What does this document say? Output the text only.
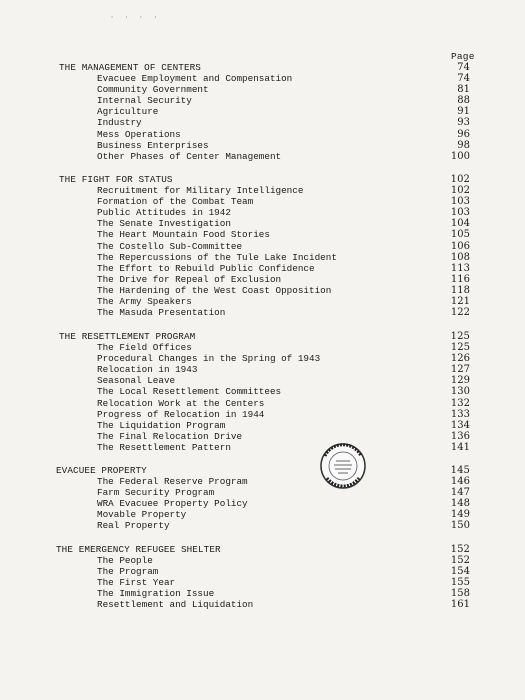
· · · ·
Page
THE MANAGEMENT OF CENTERS	74
Evacuee Employment and Compensation	74
Community Government	81
Internal Security	88
Agriculture	91
Industry	93
Mess Operations	96
Business Enterprises	98
Other Phases of Center Management	100
THE FIGHT FOR STATUS	102
Recruitment for Military Intelligence	102
Formation of the Combat Team	103
Public Attitudes in 1942	103
The Senate Investigation	104
The Heart Mountain Food Stories	105
The Costello Sub-Committee	106
The Repercussions of the Tule Lake Incident	108
The Effort to Rebuild Public Confidence	113
The Drive for Repeal of Exclusion	116
The Hardening of the West Coast Opposition	118
The Army Speakers	121
The Masuda Presentation	122
THE RESETTLEMENT PROGRAM	125
The Field Offices	125
Procedural Changes in the Spring of 1943	126
Relocation in 1943	127
Seasonal Leave	129
The Local Resettlement Committees	130
Relocation Work at the Centers	132
Progress of Relocation in 1944	133
The Liquidation Program	134
The Final Relocation Drive	136
The Resettlement Pattern	141
EVACUEE PROPERTY	145
The Federal Reserve Program	146
Farm Security Program	147
WRA Evacuee Property Policy	148
Movable Property	149
Real Property	150
THE EMERGENCY REFUGEE SHELTER	152
The People	152
The Program	154
The First Year	155
The Immigration Issue	158
Resettlement and Liquidation	161
